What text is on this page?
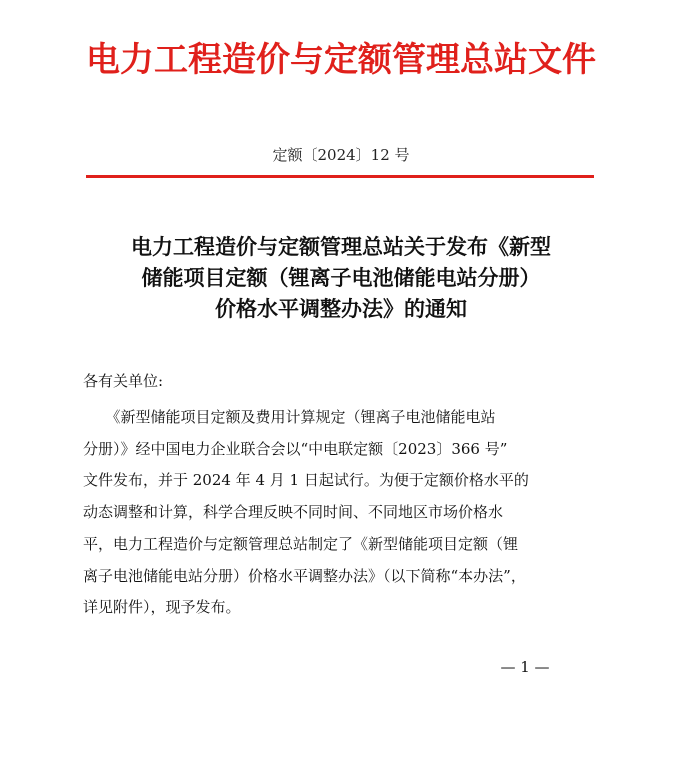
电力工程造价与定额管理总站文件
定额〔2024〕12 号
电力工程造价与定额管理总站关于发布《新型
储能项目定额（锂离子电池储能电站分册）
价格水平调整办法》的通知
各有关单位:
　　《新型储能项目定额及费用计算规定（锂离子电池储能电站
分册）》经中国电力企业联合会以“中电联定额〔2023〕366 号”
文件发布，并于 2024 年 4 月 1 日起试行。为便于定额价格水平的
动态调整和计算，科学合理反映不同时间、不同地区市场价格水
平，电力工程造价与定额管理总站制定了《新型储能项目定额（锂
离子电池储能电站分册）价格水平调整办法》（以下简称“本办法”，
详见附件），现予发布。
— 1 —
